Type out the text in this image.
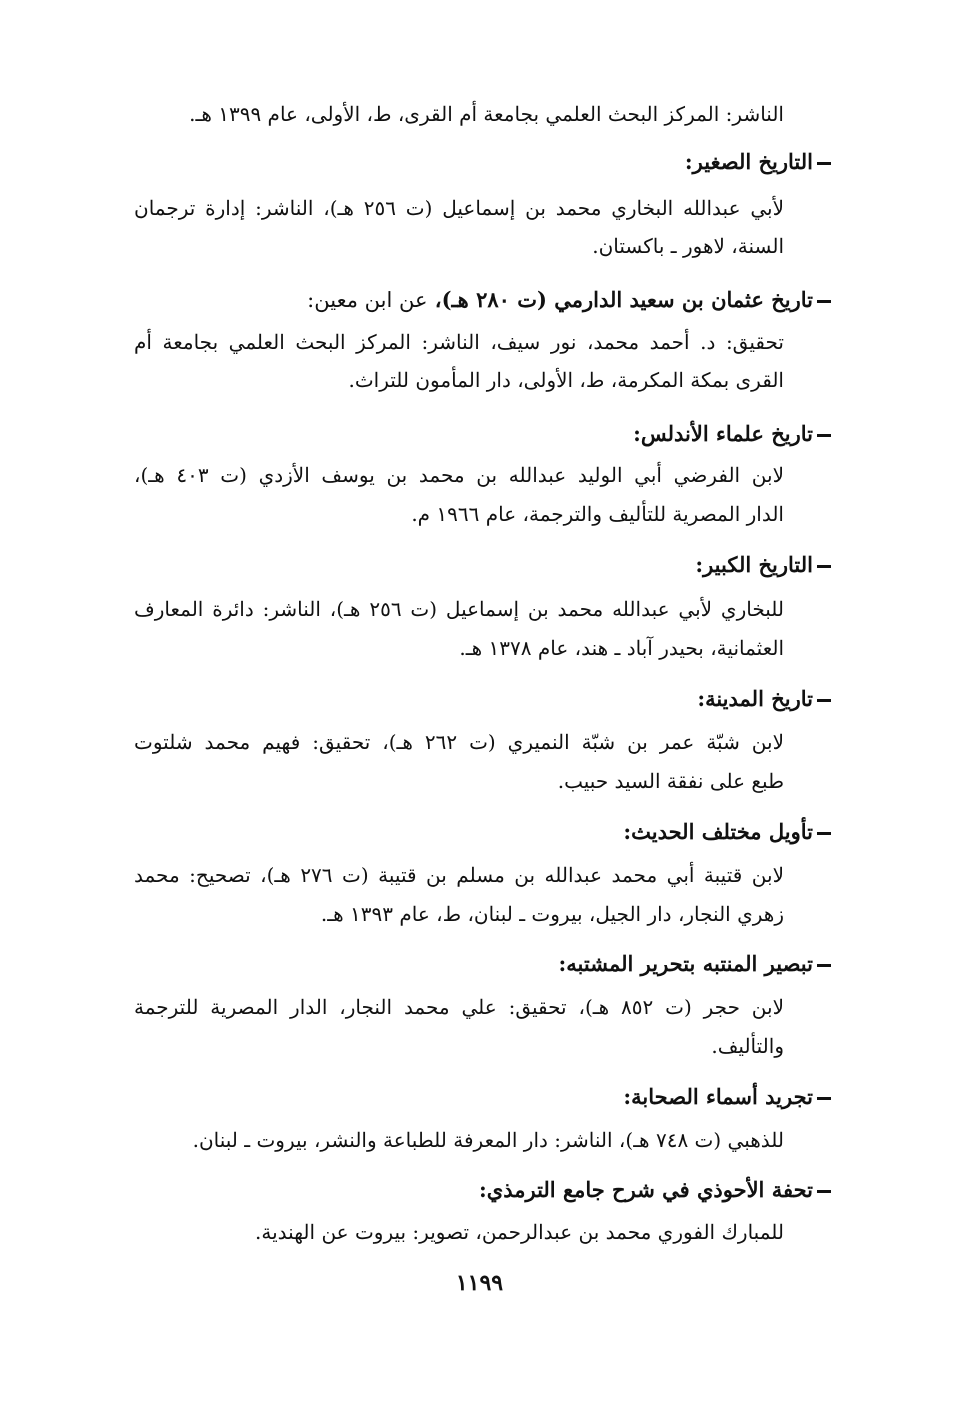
الناشر: المركز البحث العلمي بجامعة أم القرى، ط، الأولى، عام ١٣٩٩ هـ.
التاريخ الصغير:
لأبي عبدالله البخاري محمد بن إسماعيل (ت ٢٥٦ هـ)، الناشر: إدارة ترجمان
السنة، لاهور ـ باكستان.
تاريخ عثمان بن سعيد الدارمي (ت ٢٨٠ هـ)، عن ابن معين:
تحقيق: د. أحمد محمد، نور سيف، الناشر: المركز البحث العلمي بجامعة أم
القرى بمكة المكرمة، ط، الأولى، دار المأمون للتراث.
تاريخ علماء الأندلس:
لابن الفرضي أبي الوليد عبدالله بن محمد بن يوسف الأزدي (ت ٤٠٣ هـ)،
الدار المصرية للتأليف والترجمة، عام ١٩٦٦ م.
التاريخ الكبير:
للبخاري لأبي عبدالله محمد بن إسماعيل (ت ٢٥٦ هـ)، الناشر: دائرة المعارف
العثمانية، بحيدر آباد ـ هند، عام ١٣٧٨ هـ.
تاريخ المدينة:
لابن شبّة عمر بن شبّة النميري (ت ٢٦٢ هـ)، تحقيق: فهيم محمد شلتوت
طبع على نفقة السيد حبيب.
تأويل مختلف الحديث:
لابن قتيبة أبي محمد عبدالله بن مسلم بن قتيبة (ت ٢٧٦ هـ)، تصحيح: محمد
زهري النجار، دار الجيل، بيروت ـ لبنان، ط، عام ١٣٩٣ هـ.
تبصير المنتبه بتحرير المشتبه:
لابن حجر (ت ٨٥٢ هـ)، تحقيق: علي محمد النجار، الدار المصرية للترجمة
والتأليف.
تجريد أسماء الصحابة:
للذهبي (ت ٧٤٨ هـ)، الناشر: دار المعرفة للطباعة والنشر، بيروت ـ لبنان.
تحفة الأحوذي في شرح جامع الترمذي:
للمبارك الفوري محمد بن عبدالرحمن، تصوير: بيروت عن الهندية.
١١٩٩
